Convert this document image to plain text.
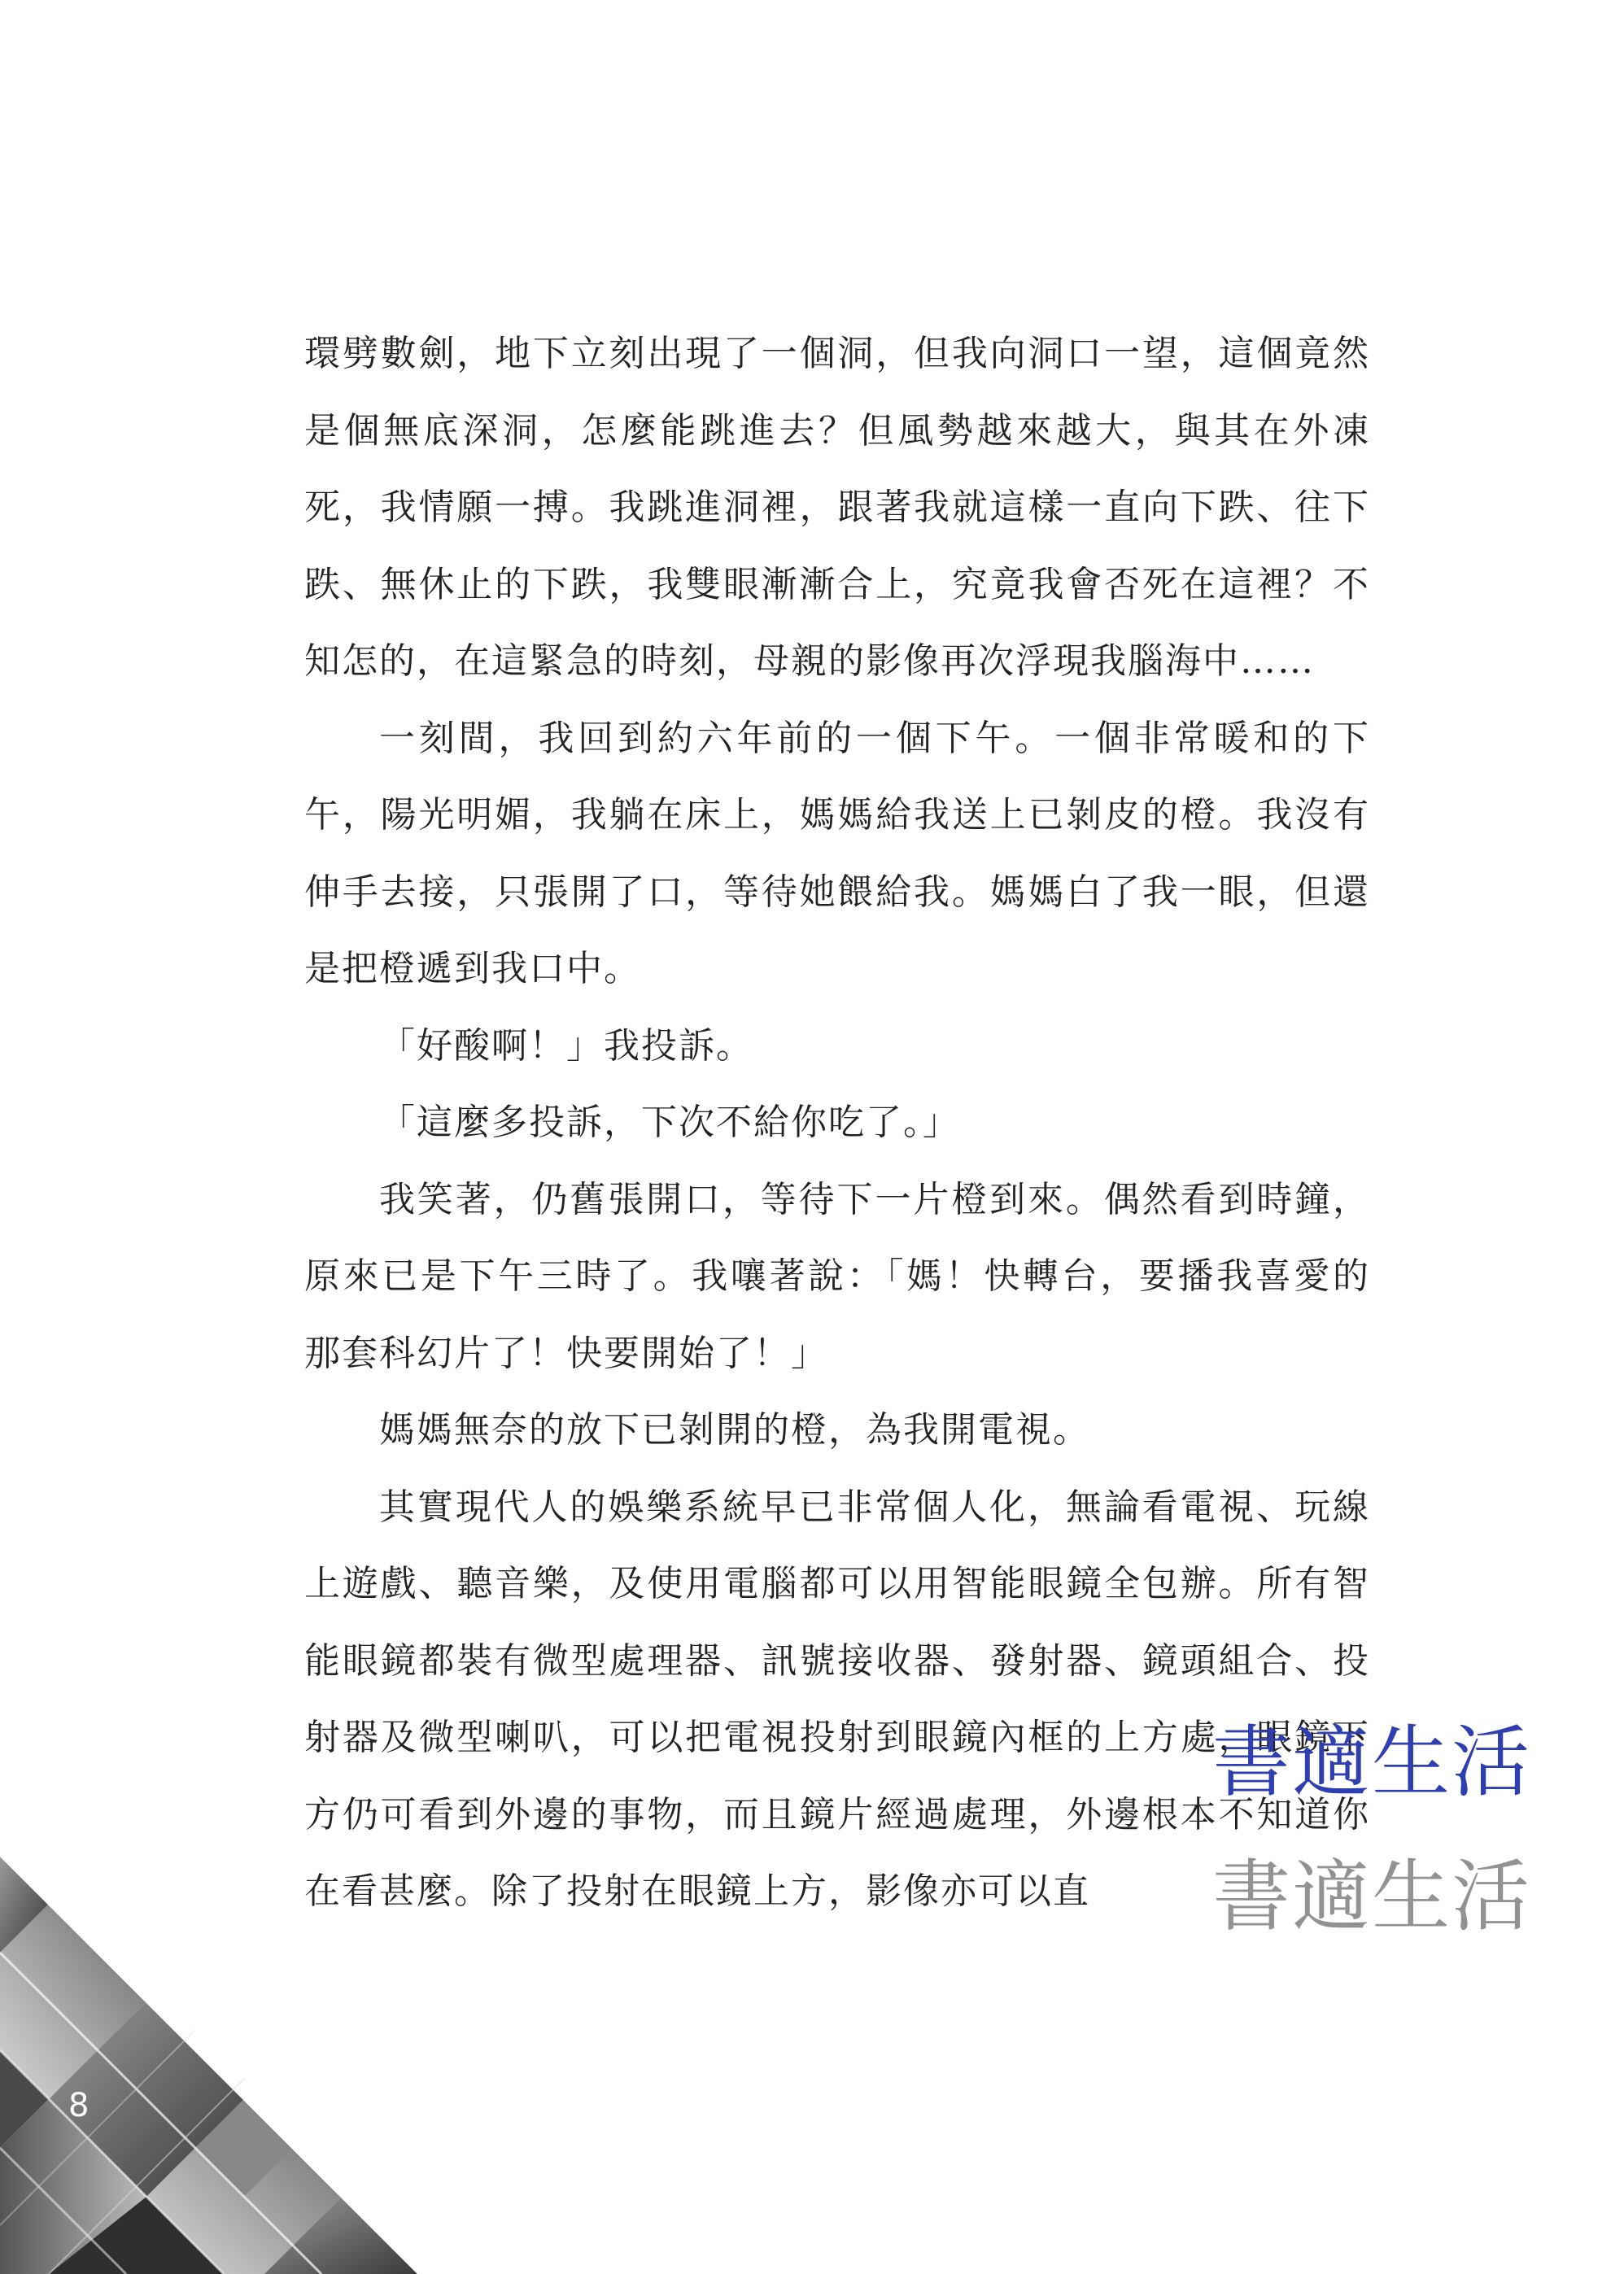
環劈數劍，地下立刻出現了一個洞，但我向洞口一望，這個竟然是個無底深洞，怎麼能跳進去？但風勢越來越大，與其在外凍死，我情願一搏。我跳進洞裡，跟著我就這樣一直向下跌、往下跌、無休止的下跌，我雙眼漸漸合上，究竟我會否死在這裡？不知怎的，在這緊急的時刻，母親的影像再次浮現我腦海中……

一刻間，我回到約六年前的一個下午。一個非常暖和的下午，陽光明媚，我躺在床上，媽媽給我送上已剝皮的橙。我沒有伸手去接，只張開了口，等待她餵給我。媽媽白了我一眼，但還是把橙遞到我口中。

「好酸啊！」我投訴。

「這麼多投訴，下次不給你吃了。」

我笑著，仍舊張開口，等待下一片橙到來。偶然看到時鐘，原來已是下午三時了。我嚷著說：「媽！快轉台，要播我喜愛的那套科幻片了！快要開始了！」

媽媽無奈的放下已剝開的橙，為我開電視。

其實現代人的娛樂系統早已非常個人化，無論看電視、玩線上遊戲、聽音樂，及使用電腦都可以用智能眼鏡全包辦。所有智能眼鏡都裝有微型處理器、訊號接收器、發射器、鏡頭組合、投射器及微型喇叭，可以把電視投射到眼鏡內框的上方處，眼鏡下方仍可看到外邊的事物，而且鏡片經過處理，外邊根本不知道你在看甚麼。除了投射在眼鏡上方，影像亦可以直

書適生活
書適生活
8
